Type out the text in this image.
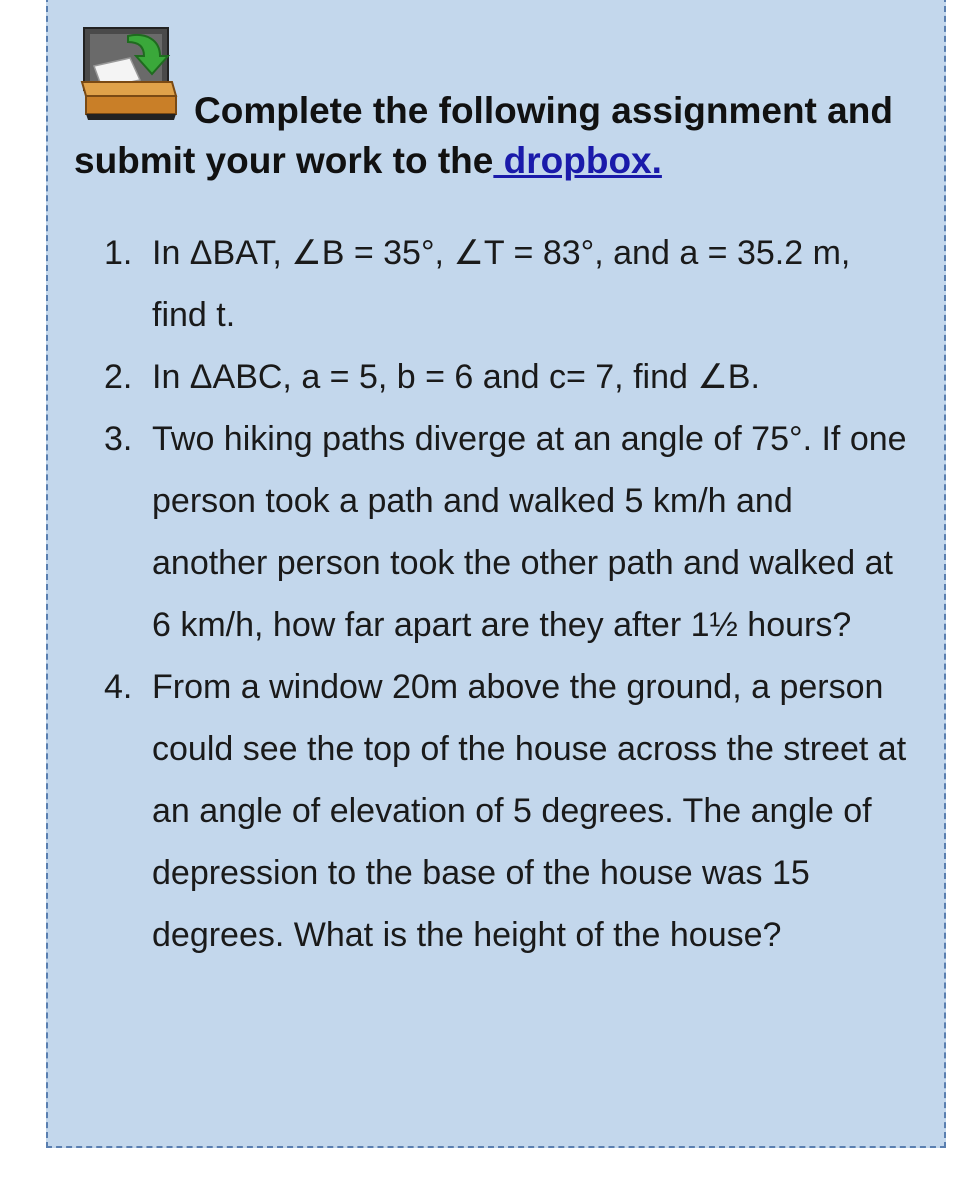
Complete the following assignment and
submit your work to the dropbox.
1. In ΔBAT, ∠B = 35°, ∠T = 83°, and a = 35.2 m, find t.
2. In ΔABC, a = 5, b = 6 and c= 7, find ∠B.
3. Two hiking paths diverge at an angle of 75°. If one person took a path and walked 5 km/h and another person took the other path and walked at 6 km/h, how far apart are they after 1½ hours?
4. From a window 20m above the ground, a person could see the top of the house across the street at an angle of elevation of 5 degrees. The angle of depression to the base of the house was 15 degrees. What is the height of the house?
